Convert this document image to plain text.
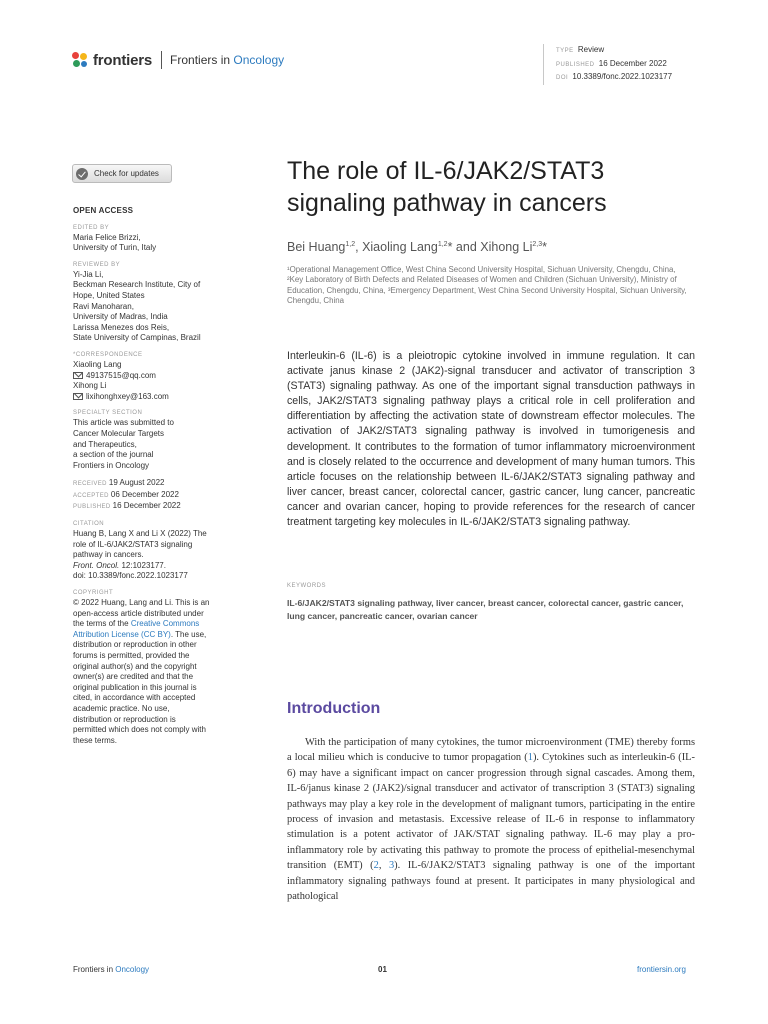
frontiers Frontiers in Oncology
TYPE Review
PUBLISHED 16 December 2022
DOI 10.3389/fonc.2022.1023177
Check for updates
OPEN ACCESS
EDITED BY
Maria Felice Brizzi,
University of Turin, Italy
REVIEWED BY
Yi-Jia Li,
Beckman Research Institute, City of
Hope, United States
Ravi Manoharan,
University of Madras, India
Larissa Menezes dos Reis,
State University of Campinas, Brazil
*CORRESPONDENCE
Xiaoling Lang
49137515@qq.com
Xihong Li
lixihonghxey@163.com
SPECIALTY SECTION
This article was submitted to
Cancer Molecular Targets
and Therapeutics,
a section of the journal
Frontiers in Oncology
RECEIVED 19 August 2022
ACCEPTED 06 December 2022
PUBLISHED 16 December 2022
CITATION
Huang B, Lang X and Li X (2022) The
role of IL-6/JAK2/STAT3 signaling
pathway in cancers.
Front. Oncol. 12:1023177.
doi: 10.3389/fonc.2022.1023177
COPYRIGHT
© 2022 Huang, Lang and Li. This is an
open-access article distributed under
the terms of the Creative Commons
Attribution License (CC BY). The use,
distribution or reproduction in other
forums is permitted, provided the
original author(s) and the copyright
owner(s) are credited and that the
original publication in this journal is
cited, in accordance with accepted
academic practice. No use,
distribution or reproduction is
permitted which does not comply with
these terms.
The role of IL-6/JAK2/STAT3 signaling pathway in cancers
Bei Huang$^{1,2}$, Xiaoling Lang$^{1,2}$* and Xihong Li$^{2,3}$*
¹Operational Management Office, West China Second University Hospital, Sichuan University, Chengdu, China, ²Key Laboratory of Birth Defects and Related Diseases of Women and Children (Sichuan University), Ministry of Education, Chengdu, China, ³Emergency Department, West China Second University Hospital, Sichuan University, Chengdu, China
Interleukin-6 (IL-6) is a pleiotropic cytokine involved in immune regulation. It can activate janus kinase 2 (JAK2)-signal transducer and activator of transcription 3 (STAT3) signaling pathway. As one of the important signal transduction pathways in cells, JAK2/STAT3 signaling pathway plays a critical role in cell proliferation and differentiation by affecting the activation state of downstream effector molecules. The activation of JAK2/STAT3 signaling pathway is involved in tumorigenesis and development. It contributes to the formation of tumor inflammatory microenvironment and is closely related to the occurrence and development of many human tumors. This article focuses on the relationship between IL-6/JAK2/STAT3 signaling pathway and liver cancer, breast cancer, colorectal cancer, gastric cancer, lung cancer, pancreatic cancer and ovarian cancer, hoping to provide references for the research of cancer treatment targeting key molecules in IL-6/JAK2/STAT3 signaling pathway.
KEYWORDS
IL-6/JAK2/STAT3 signaling pathway, liver cancer, breast cancer, colorectal cancer, gastric cancer, lung cancer, pancreatic cancer, ovarian cancer
Introduction

With the participation of many cytokines, the tumor microenvironment (TME) thereby forms a local milieu which is conducive to tumor propagation (1). Cytokines such as interleukin-6 (IL-6) may have a significant impact on cancer progression through signal cascades. Among them, IL-6/janus kinase 2 (JAK2)/signal transducer and activator of transcription 3 (STAT3) signaling pathways may play a key role in the development of malignant tumors, participating in the entire process of invasion and metastasis. Excessive release of IL-6 in response to inflammatory stimulation is a potent activator of JAK/STAT signaling pathway. IL-6 may play a pro-inflammatory role by activating this pathway to promote the process of epithelial-mesenchymal transition (EMT) (2, 3). IL-6/JAK2/STAT3 signaling pathway is one of the important inflammatory signaling pathways found at present. It participates in many physiological and pathological

Frontiers in Oncology	01	frontiersin.org
